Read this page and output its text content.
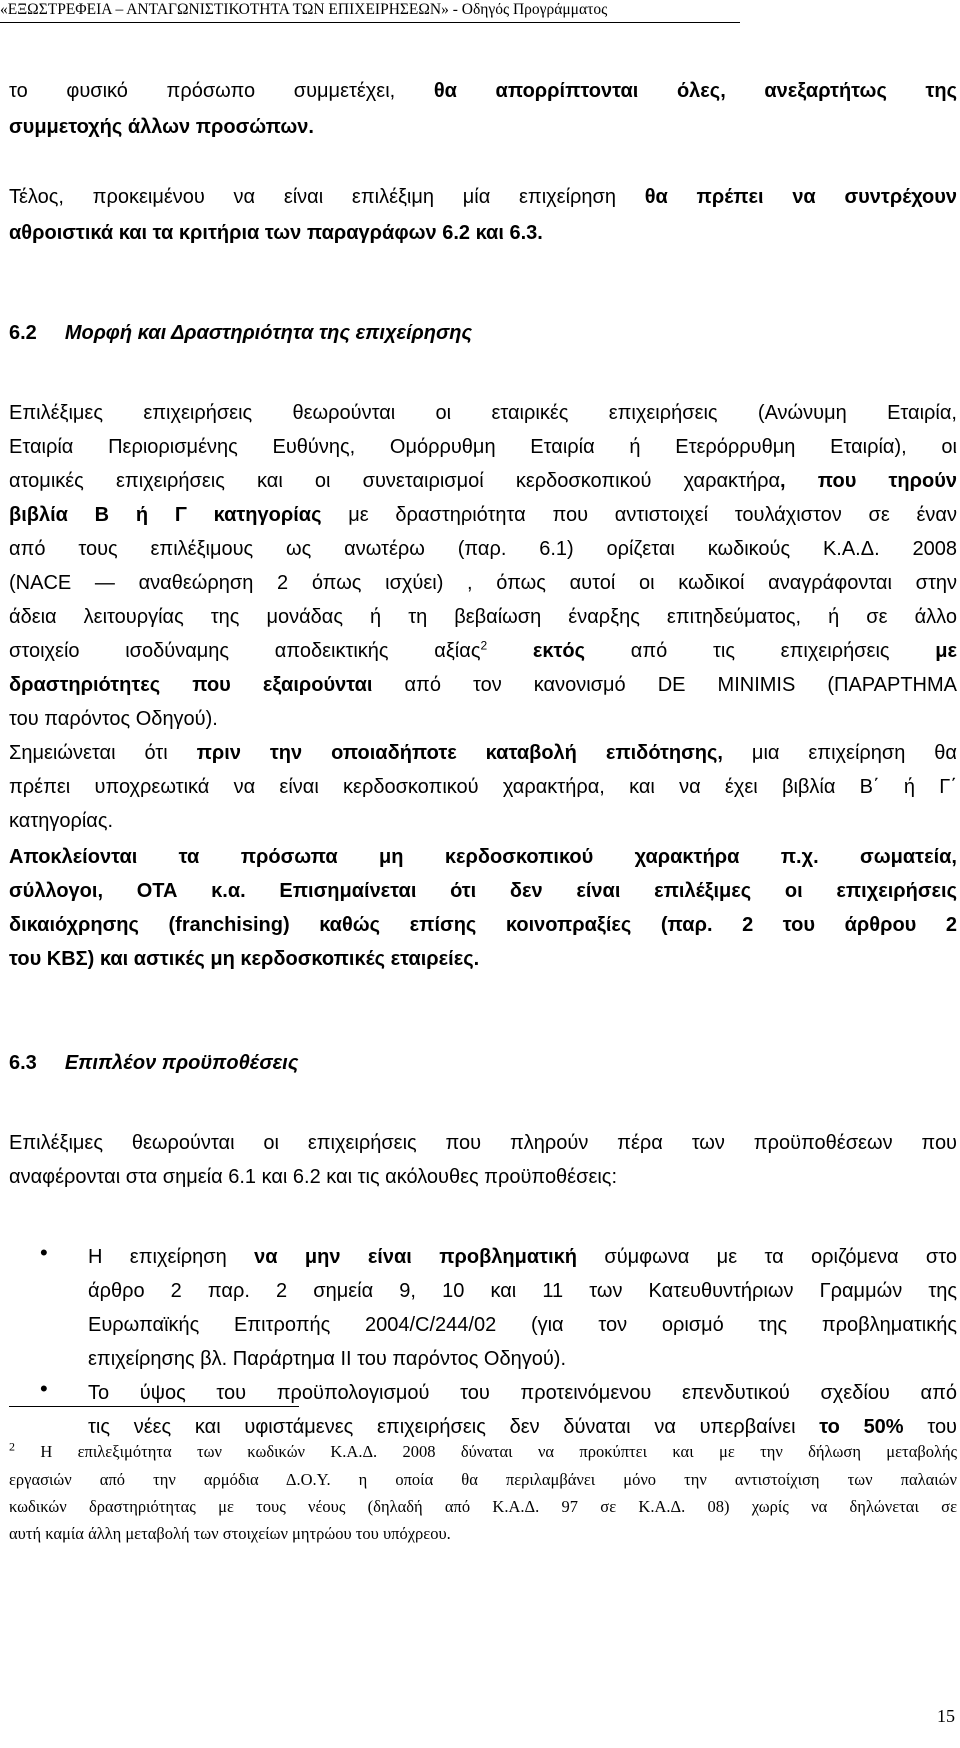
«ΕΞΩΣΤΡΕΦΕΙΑ – ΑΝΤΑΓΩΝΙΣΤΙΚΟΤΗΤΑ ΤΩΝ ΕΠΙΧΕΙΡΗΣΕΩΝ» - Οδηγός Προγράμματος
το φυσικό πρόσωπο συμμετέχει, θα απορρίπτονται όλες, ανεξαρτήτως της
συμμετοχής άλλων προσώπων.
Τέλος, προκειμένου να είναι επιλέξιμη μία επιχείρηση θα πρέπει να συντρέχουν
αθροιστικά και τα κριτήρια των παραγράφων 6.2 και 6.3.
6.2 Μορφή και Δραστηριότητα της επιχείρησης
Επιλέξιμες επιχειρήσεις θεωρούνται οι εταιρικές επιχειρήσεις (Ανώνυμη Εταιρία,
Εταιρία Περιορισμένης Ευθύνης, Ομόρρυθμη Εταιρία ή Ετερόρρυθμη Εταιρία), οι
ατομικές επιχειρήσεις και οι συνεταιρισμοί κερδοσκοπικού χαρακτήρα, που τηρούν
βιβλία Β ή Γ κατηγορίας με δραστηριότητα που αντιστοιχεί τουλάχιστον σε έναν
από τους επιλέξιμους ως ανωτέρω (παρ. 6.1) ορίζεται κωδικούς Κ.Α.Δ. 2008
(NACE — αναθεώρηση 2 όπως ισχύει) , όπως αυτοί οι κωδικοί αναγράφονται στην
άδεια λειτουργίας της μονάδας ή τη βεβαίωση έναρξης επιτηδεύματος, ή σε άλλο
στοιχείο ισοδύναμης αποδεικτικής αξίας$^2$ εκτός από τις επιχειρήσεις με
δραστηριότητες που εξαιρούνται από τον κανονισμό DE MINIMIS (ΠΑΡΑΡΤΗΜΑ
του παρόντος Οδηγού).
Σημειώνεται ότι πριν την οποιαδήποτε καταβολή επιδότησης, μια επιχείρηση θα
πρέπει υποχρεωτικά να είναι κερδοσκοπικού χαρακτήρα, και να έχει βιβλία Β΄ ή Γ΄
κατηγορίας.
Αποκλείονται τα πρόσωπα μη κερδοσκοπικού χαρακτήρα π.χ. σωματεία,
σύλλογοι, ΟΤΑ κ.α. Επισημαίνεται ότι δεν είναι επιλέξιμες οι επιχειρήσεις
δικαιόχρησης (franchising) καθώς επίσης κοινοπραξίες (παρ. 2 του άρθρου 2
του ΚΒΣ) και αστικές μη κερδοσκοπικές εταιρείες.
6.3 Επιπλέον προϋποθέσεις
Επιλέξιμες θεωρούνται οι επιχειρήσεις που πληρούν πέρα των προϋποθέσεων που
αναφέρονται στα σημεία 6.1 και 6.2 και τις ακόλουθες προϋποθέσεις:
• Η επιχείρηση να μην είναι προβληματική σύμφωνα με τα οριζόμενα στο
άρθρο 2 παρ. 2 σημεία 9, 10 και 11 των Κατευθυντήριων Γραμμών της
Ευρωπαϊκής Επιτροπής 2004/C/244/02 (για τον ορισμό της προβληματικής
επιχείρησης βλ. Παράρτημα ΙΙ του παρόντος Οδηγού).
• Το ύψος του προϋπολογισμού του προτεινόμενου επενδυτικού σχεδίου από
τις νέες και υφιστάμενες επιχειρήσεις δεν δύναται να υπερβαίνει το 50% του
$^2$ Η επιλεξιμότητα των κωδικών Κ.Α.Δ. 2008 δύναται να προκύπτει και με την δήλωση μεταβολής
εργασιών από την αρμόδια Δ.Ο.Υ. η οποία θα περιλαμβάνει μόνο την αντιστοίχιση των παλαιών
κωδικών δραστηριότητας με τους νέους (δηλαδή από Κ.Α.Δ. 97 σε Κ.Α.Δ. 08) χωρίς να δηλώνεται σε
αυτή καμία άλλη μεταβολή των στοιχείων μητρώου του υπόχρεου.
15
